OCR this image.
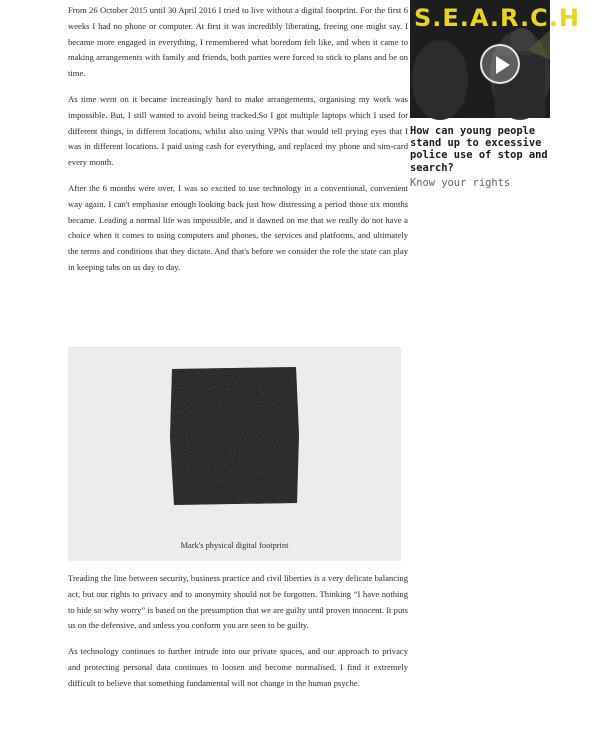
From 26 October 2015 until 30 April 2016 I tried to live without a digital footprint. For the first 6 weeks I had no phone or computer. At first it was incredibly liberating, freeing one might say. I became more engaged in everything, I remembered what boredom felt like, and when it came to making arrangements with family and friends, both parties were forced to stick to plans and be on time.

As time went on it became increasingly hard to make arrangements, organising my work was impossible. But, I still wanted to avoid being tracked.So I got multiple laptops which I used for different things, in different locations, whilst also using VPNs that would tell prying eyes that I was in different locations. I paid using cash for everything, and replaced my phone and sim-card every month.

After the 6 months were over, I was so excited to use technology in a conventional, convenient way again. I can't emphasise enough looking back just how distressing a period those six months became. Leading a normal life was impossible, and it dawned on me that we really do not have a choice when it comes to using computers and phones, the services and platforms, and ultimately the terms and conditions that they dictate. And that's before we consider the role the state can play in keeping tabs on us day to day.

Mark's physical digital footprint

Treading the line between security, business practice and civil liberties is a very delicate balancing act, but our rights to privacy and to anonymity should not be forgotten. Thinking “I have nothing to hide so why worry” is based on the presumption that we are guilty until proven innocent. It puts us on the defensive, and unless you conform you are seen to be guilty.

As technology continues to further intrude into our private spaces, and our approach to privacy and protecting personal data continues to loosen and become normalised, I find it extremely difficult to believe that something fundamental will not change in the human psyche.

S.E.A.R.C.H
How can young people stand up to excessive police use of stop and search?
Know your rights
